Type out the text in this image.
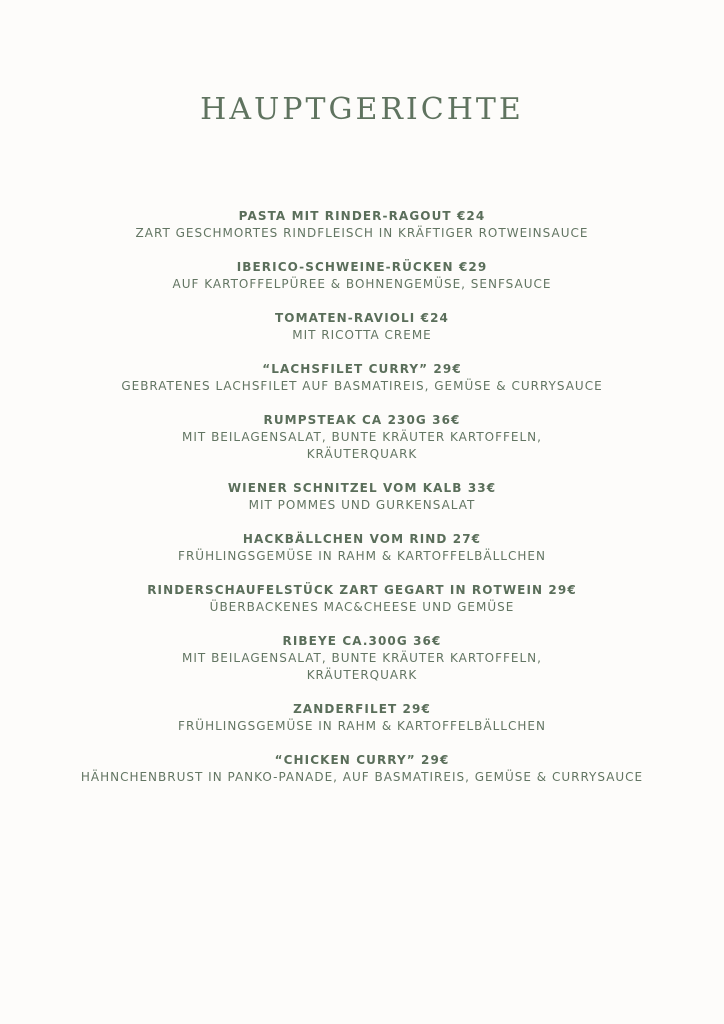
HAUPTGERICHTE
PASTA MIT RINDER-RAGOUT €24
ZART GESCHMORTES RINDFLEISCH IN KRÄFTIGER ROTWEINSAUCE
IBERICO-SCHWEINE-RÜCKEN €29
AUF KARTOFFELPÜREE & BOHNENGEMÜSE, SENFSAUCE
TOMATEN-RAVIOLI €24
MIT RICOTTA CREME
“LACHSFILET CURRY” 29€
GEBRATENES LACHSFILET AUF BASMATIREIS, GEMÜSE & CURRYSAUCE
RUMPSTEAK CA 230G 36€
MIT BEILAGENSALAT, BUNTE KRÄUTER KARTOFFELN,
KRÄUTERQUARK
WIENER SCHNITZEL VOM KALB 33€
MIT POMMES UND GURKENSALAT
HACKBÄLLCHEN VOM RIND 27€
FRÜHLINGSGEMÜSE IN RAHM & KARTOFFELBÄLLCHEN
RINDERSCHAUFELSTÜCK ZART GEGART IN ROTWEIN 29€
ÜBERBACKENES MAC&CHEESE UND GEMÜSE
RIBEYE CA.300G 36€
MIT BEILAGENSALAT, BUNTE KRÄUTER KARTOFFELN,
KRÄUTERQUARK
ZANDERFILET 29€
FRÜHLINGSGEMÜSE IN RAHM & KARTOFFELBÄLLCHEN
“CHICKEN CURRY” 29€
HÄHNCHENBRUST IN PANKO-PANADE, AUF BASMATIREIS, GEMÜSE & CURRYSAUCE
